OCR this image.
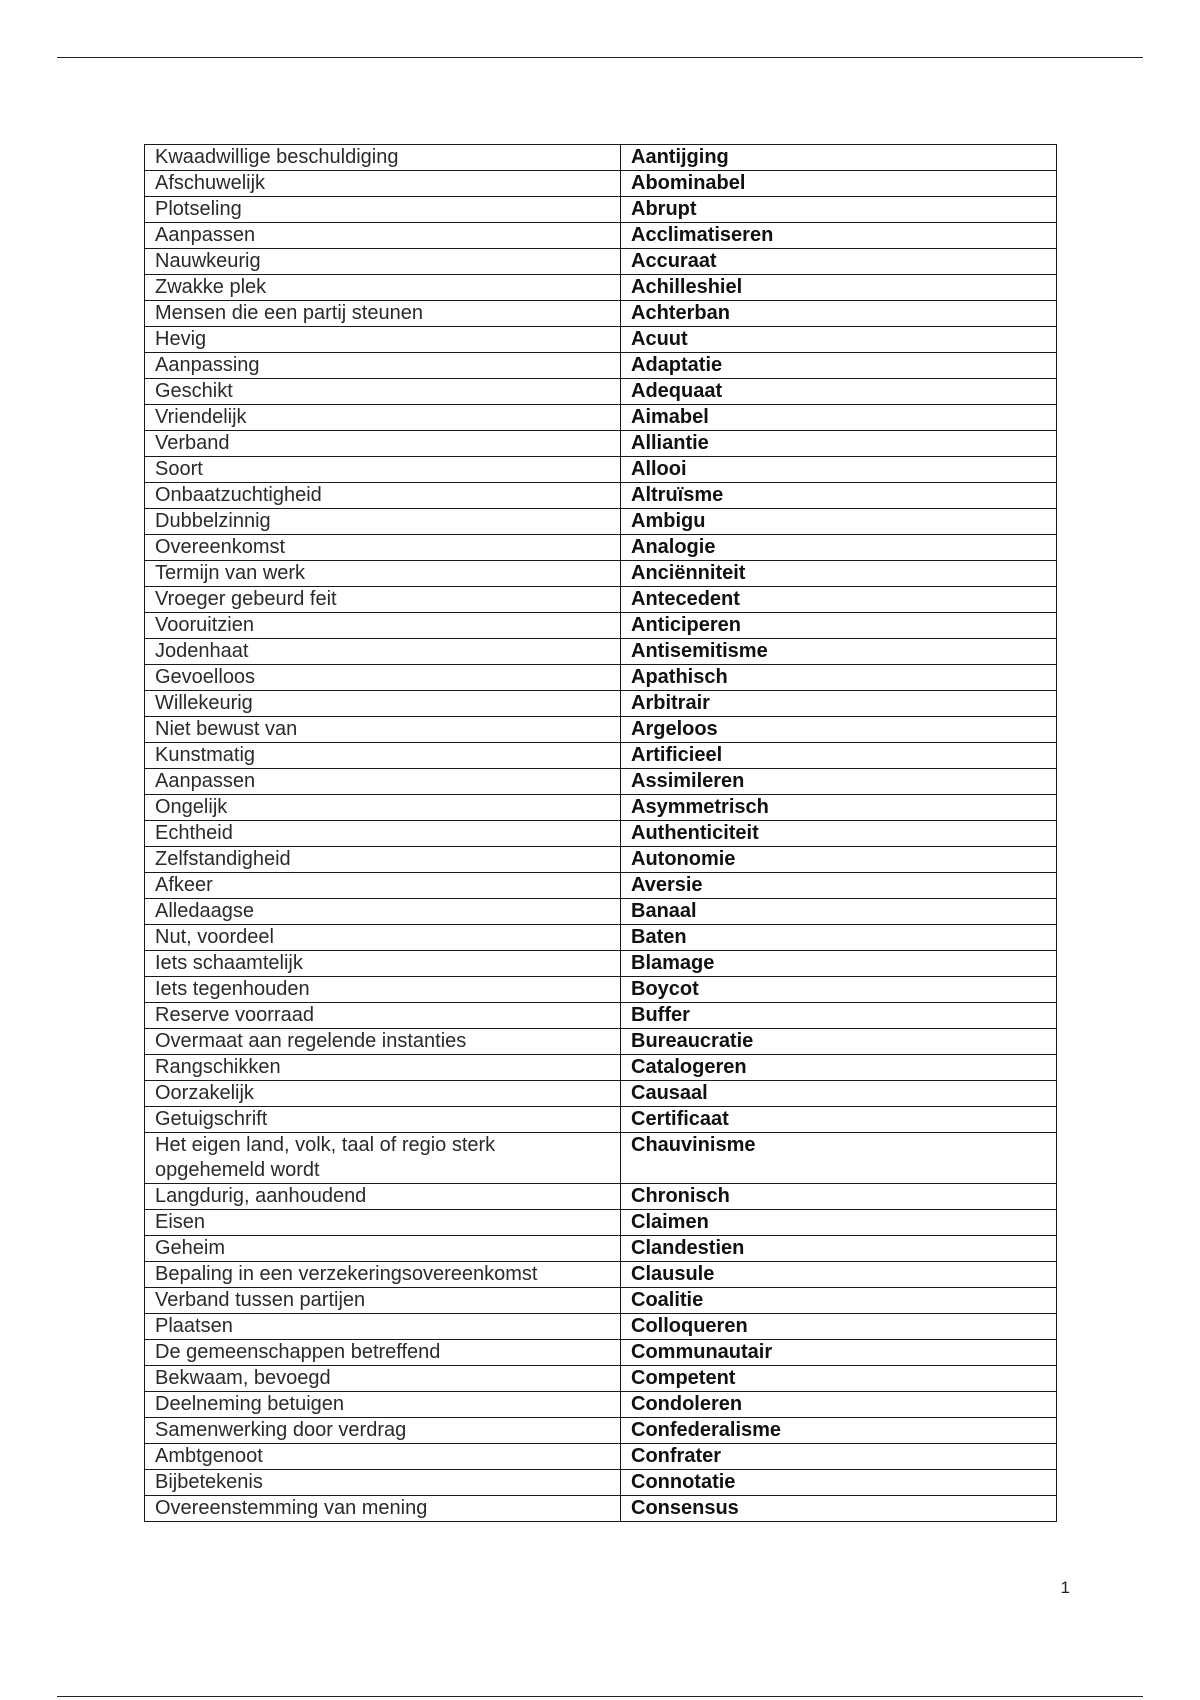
Kwaadwillige beschuldiging	Aantijging
Afschuwelijk	Abominabel
Plotseling	Abrupt
Aanpassen	Acclimatiseren
Nauwkeurig	Accuraat
Zwakke plek	Achilleshiel
Mensen die een partij steunen	Achterban
Hevig	Acuut
Aanpassing	Adaptatie
Geschikt	Adequaat
Vriendelijk	Aimabel
Verband	Alliantie
Soort	Allooi
Onbaatzuchtigheid	Altruïsme
Dubbelzinnig	Ambigu
Overeenkomst	Analogie
Termijn van werk	Anciënniteit
Vroeger gebeurd feit	Antecedent
Vooruitzien	Anticiperen
Jodenhaat	Antisemitisme
Gevoelloos	Apathisch
Willekeurig	Arbitrair
Niet bewust van	Argeloos
Kunstmatig	Artificieel
Aanpassen	Assimileren
Ongelijk	Asymmetrisch
Echtheid	Authenticiteit
Zelfstandigheid	Autonomie
Afkeer	Aversie
Alledaagse	Banaal
Nut, voordeel	Baten
Iets schaamtelijk	Blamage
Iets tegenhouden	Boycot
Reserve voorraad	Buffer
Overmaat aan regelende instanties	Bureaucratie
Rangschikken	Catalogeren
Oorzakelijk	Causaal
Getuigschrift	Certificaat
Het eigen land, volk, taal of regio sterk opgehemeld wordt	Chauvinisme
Langdurig, aanhoudend	Chronisch
Eisen	Claimen
Geheim	Clandestien
Bepaling in een verzekeringsovereenkomst	Clausule
Verband tussen partijen	Coalitie
Plaatsen	Colloqueren
De gemeenschappen betreffend	Communautair
Bekwaam, bevoegd	Competent
Deelneming betuigen	Condoleren
Samenwerking door verdrag	Confederalisme
Ambtgenoot	Confrater
Bijbetekenis	Connotatie
Overeenstemming van mening	Consensus
1
